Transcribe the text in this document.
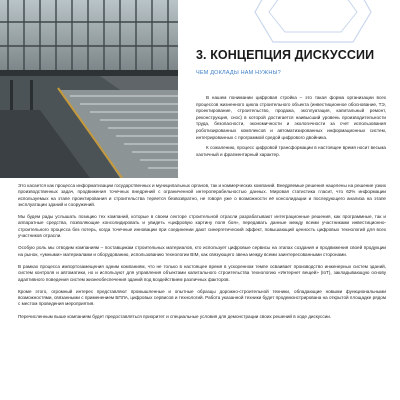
3. КОНЦЕПЦИЯ ДИСКУССИИ
ЧЕМ ДОКЛАДЫ НАМ НУЖНЫ?

В нашем понимании цифровая стройка – это такая форма организации всех процессов жизненного цикла строительного объекта (инвестиционное обоснование, ТЭ, проектирование, строительство, продажа, эксплуатация, капитальный ремонт, реконструкция, снос) в которой достигается наивысший уровень производительности труда, безопасности, экономичности и экологичности за счет использования роботизированных комплексов и автоматизированных информационных систем, интегрированных с программой средой цифрового двойника.

К сожалению, процесс цифровой трансформации в настоящее время носит весьма хаотичный и фрагментарный характер.

Это касается как процесса информатизации государственных и муниципальных органов, так и коммерческих компаний. Внедряемые решения нацелены на решение узких производственных задач, продвижения точечных внедрений с ограниченной интероперабельностью данных. Мировая статистика гласит, что 62% информации используемых на этапе проектирования и строительства теряется безвозвратно, не говоря уже о возможности её консолидации и последующего анализа на этапе эксплуатации зданий и сооружений.

Мы будем рады услышать позицию тех компаний, которые в своем секторе строительной отрасли разрабатывают интеграционные решения, как программные, так и аппаратные средства, позволяющие консолидировать и увидеть «цифровую картину поля боя», передавать данные между всеми участниками инвестиционно-строительного процесса без потерь, когда точечные инновации при соединении дают синергетический эффект, повышающий ценность цифровых технологий для всех участников отрасли.

Особую роль мы отводим компаниям – поставщикам строительных материалов, кто использует цифровые сервисы на этапах создания и продвижения своей продукции на рынок, «умными» материалами и оборудованию, использованию технологии BIM, как связующего звена между всеми заинтересованными сторонами.

В рамках процесса импортозамещения одним компаниям, что не только в настоящее время в ускоренном темпе осваивает производство инженерных систем зданий, систем контроля и автоматики, но и используют для управления объектами капитального строительства технологию «Интернет вещей» (IoT), закладывающую основу адаптивного поведения систем жизнеобеспечения зданий под воздействием различных факторов.

Кроме этого, огромный интерес представляют промышленные и опытные образцы дорожно-строительной техники, обладающие новыми функциональными возможностями, связанными с применением БПЛА, цифровых сервисов и технологий. Работа указанной техники будет продемонстрирована на открытой площадке рядом с местом проведения мероприятия.

Перечисленным выше компаниям будет предоставляться приоритет и специальные условия для демонстрации своих решений в ходе дискуссии.
